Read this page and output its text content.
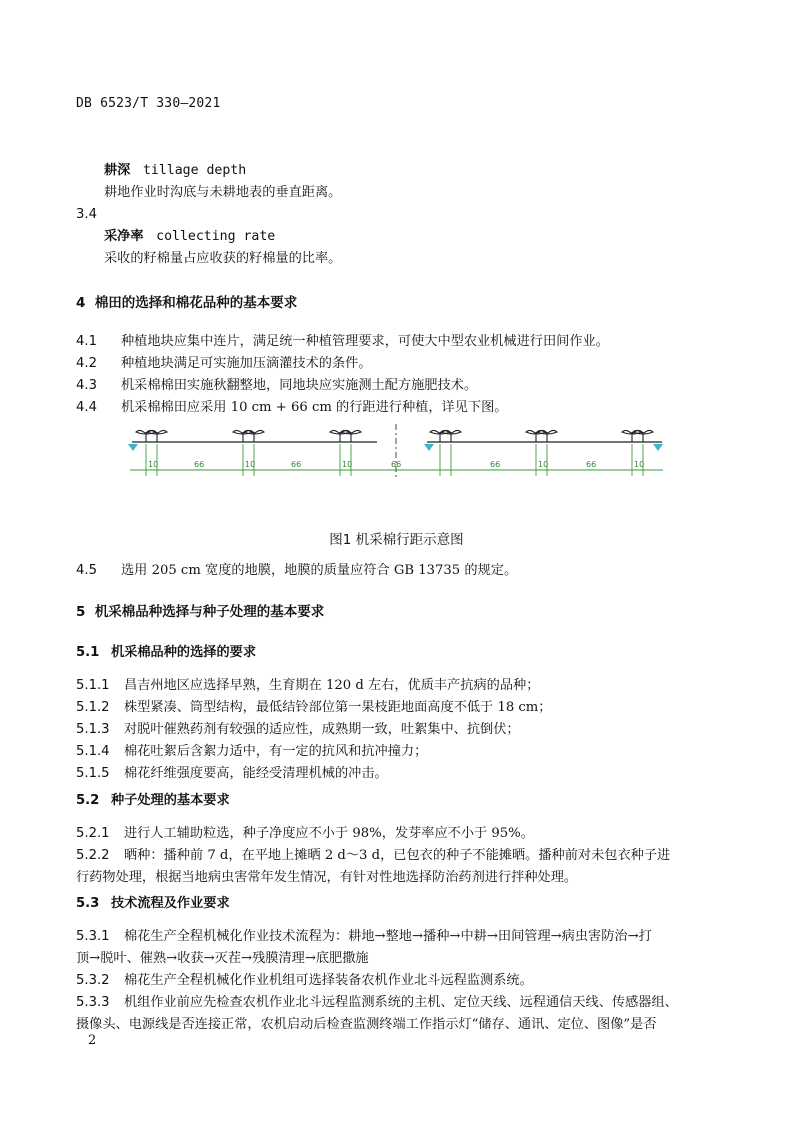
DB 6523/T 330—2021
耕深 tillage depth
耕地作业时沟底与未耕地表的垂直距离。
3.4
采净率 collecting rate
采收的籽棉量占应收获的籽棉量的比率。
4 棉田的选择和棉花品种的基本要求
4.1 种植地块应集中连片，满足统一种植管理要求，可使大中型农业机械进行田间作业。
4.2 种植地块满足可实施加压滴灌技术的条件。
4.3 机采棉棉田实施秋翻整地，同地块应实施测土配方施肥技术。
4.4 机采棉棉田应采用 10 cm + 66 cm 的行距进行种植，详见下图。
10	66	10	66	10	66	66	10	66	10
图1 机采棉行距示意图
4.5 选用 205 cm 宽度的地膜，地膜的质量应符合 GB 13735 的规定。
5 机采棉品种选择与种子处理的基本要求
5.1 机采棉品种的选择的要求
5.1.1 昌吉州地区应选择早熟，生育期在 120 d 左右，优质丰产抗病的品种；
5.1.2 株型紧凑、筒型结构，最低结铃部位第一果枝距地面高度不低于 18 cm；
5.1.3 对脱叶催熟药剂有较强的适应性，成熟期一致，吐絮集中、抗倒伏；
5.1.4 棉花吐絮后含絮力适中，有一定的抗风和抗冲撞力；
5.1.5 棉花纤维强度要高，能经受清理机械的冲击。
5.2 种子处理的基本要求
5.2.1 进行人工辅助粒选，种子净度应不小于 98%，发芽率应不小于 95%。
5.2.2 晒种：播种前 7 d，在平地上摊晒 2 d～3 d，已包衣的种子不能摊晒。播种前对未包衣种子进
行药物处理，根据当地病虫害常年发生情况，有针对性地选择防治药剂进行拌种处理。
5.3 技术流程及作业要求
5.3.1 棉花生产全程机械化作业技术流程为：耕地→整地→播种→中耕→田间管理→病虫害防治→打
顶→脱叶、催熟→收获→灭茬→残膜清理→底肥撒施
5.3.2 棉花生产全程机械化作业机组可选择装备农机作业北斗远程监测系统。
5.3.3 机组作业前应先检查农机作业北斗远程监测系统的主机、定位天线、远程通信天线、传感器组、
摄像头、电源线是否连接正常，农机启动后检查监测终端工作指示灯“储存、通讯、定位、图像”是否
2
